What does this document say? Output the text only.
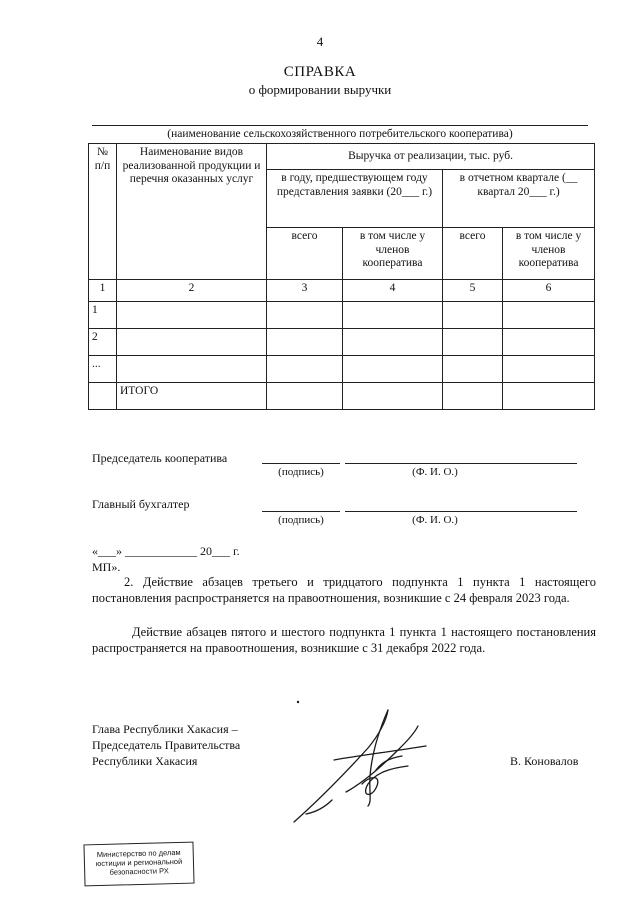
4
СПРАВКА
о формировании выручки
(наименование сельскохозяйственного потребительского кооператива)
№ п/п	Наименование видов реализованной продукции и перечня оказанных услуг	Выручка от реализации, тыс. руб.			
		в году, предшествующем году представления заявки (20___ г.)		в отчетном квартале (__ квартал 20___ г.)	
		всего	в том числе у членов кооператива	всего	в том числе у членов кооператива
1	2	3	4	5	6
1					
2					
...					
	ИТОГО				
Председатель кооператива
(подпись)	(Ф. И. О.)
Главный бухгалтер
(подпись)	(Ф. И. О.)
«___» ____________ 20___ г.
МП».
2. Действие абзацев третьего и тридцатого подпункта 1 пункта 1 настоящего постановления распространяется на правоотношения, возникшие с 24 февраля 2023 года.
Действие абзацев пятого и шестого подпункта 1 пункта 1 настоящего постановления распространяется на правоотношения, возникшие с 31 декабря 2022 года.
Глава Республики Хакасия –
Председатель Правительства
Республики Хакасия	В. Коновалов
Министерство по делам
юстиции и региональной
безопасности РХ
